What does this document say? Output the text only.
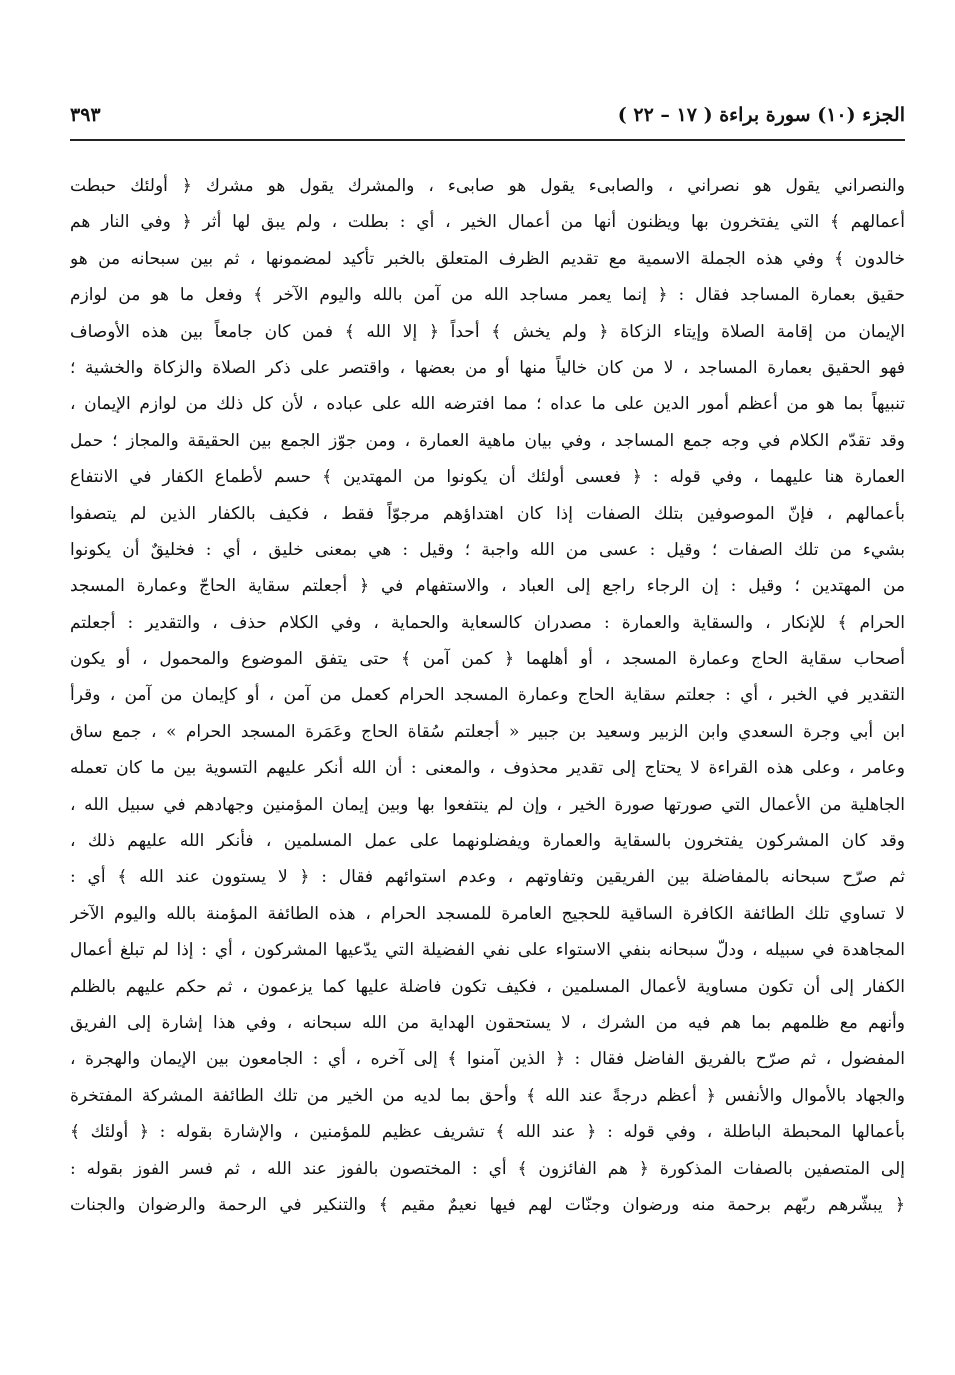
الجزء (١٠) سورة براءة ( ١٧ – ٢٢ )
٣٩٣
والنصراني يقول هو نصراني ، والصابىء يقول هو صابىء ، والمشرك يقول هو مشرك ﴿ أولئك حبطت
أعمالهم ﴾ التي يفتخرون بها ويظنون أنها من أعمال الخير ، أي : بطلت ، ولم يبق لها أثر ﴿ وفي النار هم
خالدون ﴾ وفي هذه الجملة الاسمية مع تقديم الظرف المتعلق بالخبر تأكيد لمضمونها ، ثم بين سبحانه من هو
حقيق بعمارة المساجد فقال : ﴿ إنما يعمر مساجد الله من آمن بالله واليوم الآخر ﴾ وفعل ما هو من لوازم
الإيمان من إقامة الصلاة وإيتاء الزكاة ﴿ ولم يخش ﴾ أحداً ﴿ إلا الله ﴾ فمن كان جامعاً بين هذه الأوصاف
فهو الحقيق بعمارة المساجد ، لا من كان خالياً منها أو من بعضها ، واقتصر على ذكر الصلاة والزكاة والخشية ؛
تنبيهاً بما هو من أعظم أمور الدين على ما عداه ؛ مما افترضه الله على عباده ، لأن كل ذلك من لوازم الإيمان ،
وقد تقدّم الكلام في وجه جمع المساجد ، وفي بيان ماهية العمارة ، ومن جوّز الجمع بين الحقيقة والمجاز ؛ حمل
العمارة هنا عليهما ، وفي قوله : ﴿ فعسى أولئك أن يكونوا من المهتدين ﴾ حسم لأطماع الكفار في الانتفاع
بأعمالهم ، فإنّ الموصوفين بتلك الصفات إذا كان اهتداؤهم مرجوّاً فقط ، فكيف بالكفار الذين لم يتصفوا
بشيء من تلك الصفات ؛ وقيل : عسى من الله واجبة ؛ وقيل : هي بمعنى خليق ، أي : فخليقٌ أن يكونوا
من المهتدين ؛ وقيل : إن الرجاء راجع إلى العباد ، والاستفهام في ﴿ أجعلتم سقاية الحاجّ وعمارة المسجد
الحرام ﴾ للإنكار ، والسقاية والعمارة : مصدران كالسعاية والحماية ، وفي الكلام حذف ، والتقدير : أجعلتم
أصحاب سقاية الحاج وعمارة المسجد ، أو أهلهما ﴿ كمن آمن ﴾ حتى يتفق الموضوع والمحمول ، أو يكون
التقدير في الخبر ، أي : جعلتم سقاية الحاج وعمارة المسجد الحرام كعمل من آمن ، أو كإيمان من آمن ، وقرأ
ابن أبي وجرة السعدي وابن الزبير وسعيد بن جبير « أجعلتم سُقاة الحاج وعَمَرة المسجد الحرام » ، جمع ساق
وعامر ، وعلى هذه القراءة لا يحتاج إلى تقدير محذوف ، والمعنى : أن الله أنكر عليهم التسوية بين ما كان تعمله
الجاهلية من الأعمال التي صورتها صورة الخير ، وإن لم ينتفعوا بها وبين إيمان المؤمنين وجهادهم في سبيل الله ،
وقد كان المشركون يفتخرون بالسقاية والعمارة ويفضلونهما على عمل المسلمين ، فأنكر الله عليهم ذلك ،
ثم صرّح سبحانه بالمفاضلة بين الفريقين وتفاوتهم ، وعدم استوائهم فقال : ﴿ لا يستوون عند الله ﴾ أي :
لا تساوي تلك الطائفة الكافرة الساقية للحجيج العامرة للمسجد الحرام ، هذه الطائفة المؤمنة بالله واليوم الآخر
المجاهدة في سبيله ، ودلّ سبحانه بنفي الاستواء على نفي الفضيلة التي يدّعيها المشركون ، أي : إذا لم تبلغ أعمال
الكفار إلى أن تكون مساوية لأعمال المسلمين ، فكيف تكون فاضلة عليها كما يزعمون ، ثم حكم عليهم بالظلم
وأنهم مع ظلمهم بما هم فيه من الشرك ، لا يستحقون الهداية من الله سبحانه ، وفي هذا إشارة إلى الفريق
المفضول ، ثم صرّح بالفريق الفاضل فقال : ﴿ الذين آمنوا ﴾ إلى آخره ، أي : الجامعون بين الإيمان والهجرة ،
والجهاد بالأموال والأنفس ﴿ أعظم درجةً عند الله ﴾ وأحق بما لديه من الخير من تلك الطائفة المشركة المفتخرة
بأعمالها المحبطة الباطلة ، وفي قوله : ﴿ عند الله ﴾ تشريف عظيم للمؤمنين ، والإشارة بقوله : ﴿ أولئك ﴾
إلى المتصفين بالصفات المذكورة ﴿ هم الفائزون ﴾ أي : المختصون بالفوز عند الله ، ثم فسر الفوز بقوله :
﴿ يبشّرهم ربّهم برحمة منه ورضوان وجنّات لهم فيها نعيمٌ مقيم ﴾ والتنكير في الرحمة والرضوان والجنات
